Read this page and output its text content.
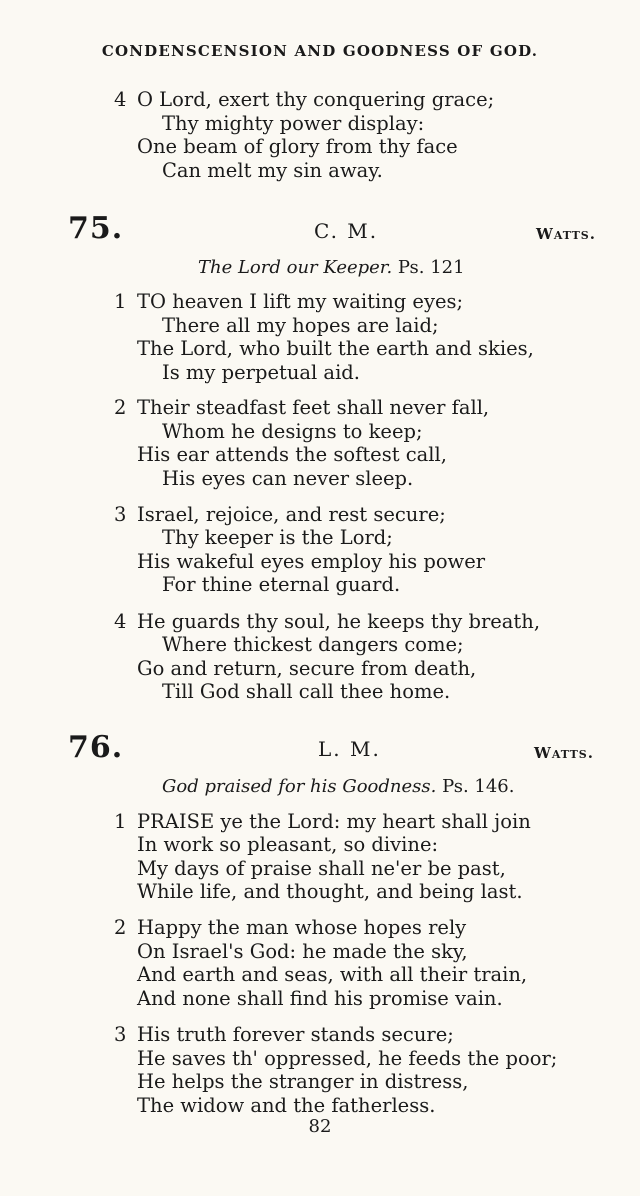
CONDENSCENSION AND GOODNESS OF GOD.
4 O Lord, exert thy conquering grace;
Thy mighty power display:
One beam of glory from thy face
Can melt my sin away.
75.	C. M.	Watts.
The Lord our Keeper. Ps. 121
1 TO heaven I lift my waiting eyes;
There all my hopes are laid;
The Lord, who built the earth and skies,
Is my perpetual aid.
2 Their steadfast feet shall never fall,
Whom he designs to keep;
His ear attends the softest call,
His eyes can never sleep.
3 Israel, rejoice, and rest secure;
Thy keeper is the Lord;
His wakeful eyes employ his power
For thine eternal guard.
4 He guards thy soul, he keeps thy breath,
Where thickest dangers come;
Go and return, secure from death,
Till God shall call thee home.
76.	L. M.	Watts.
God praised for his Goodness. Ps. 146.
1 PRAISE ye the Lord: my heart shall join
In work so pleasant, so divine:
My days of praise shall ne'er be past,
While life, and thought, and being last.
2 Happy the man whose hopes rely
On Israel's God: he made the sky,
And earth and seas, with all their train,
And none shall find his promise vain.
3 His truth forever stands secure;
He saves th' oppressed, he feeds the poor;
He helps the stranger in distress,
The widow and the fatherless.
82
